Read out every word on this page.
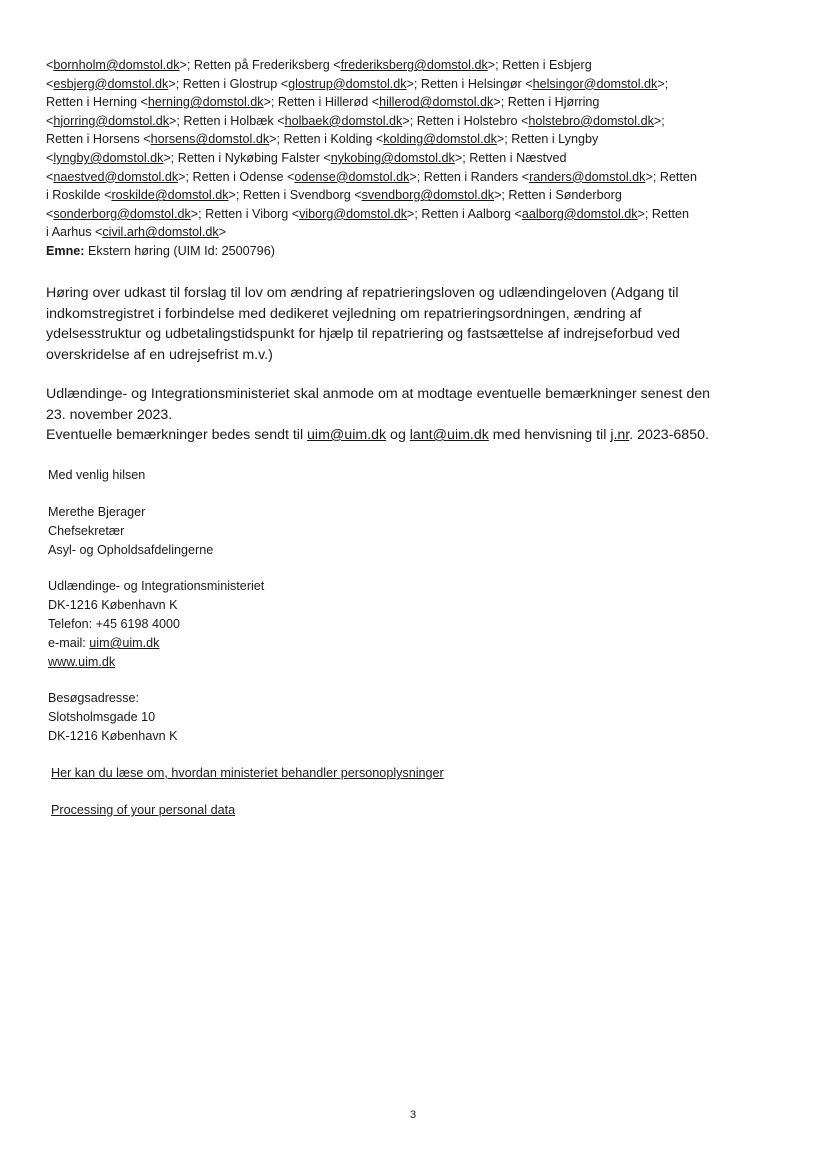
<bornholm@domstol.dk>; Retten på Frederiksberg <frederiksberg@domstol.dk>; Retten i Esbjerg

<esbjerg@domstol.dk>; Retten i Glostrup <glostrup@domstol.dk>; Retten i Helsingør <helsingor@domstol.dk>;

Retten i Herning <herning@domstol.dk>; Retten i Hillerød <hillerod@domstol.dk>; Retten i Hjørring

<hjorring@domstol.dk>; Retten i Holbæk <holbaek@domstol.dk>; Retten i Holstebro <holstebro@domstol.dk>;

Retten i Horsens <horsens@domstol.dk>; Retten i Kolding <kolding@domstol.dk>; Retten i Lyngby

<lyngby@domstol.dk>; Retten i Nykøbing Falster <nykobing@domstol.dk>; Retten i Næstved

<naestved@domstol.dk>; Retten i Odense <odense@domstol.dk>; Retten i Randers <randers@domstol.dk>; Retten

i Roskilde <roskilde@domstol.dk>; Retten i Svendborg <svendborg@domstol.dk>; Retten i Sønderborg

<sonderborg@domstol.dk>; Retten i Viborg <viborg@domstol.dk>; Retten i Aalborg <aalborg@domstol.dk>; Retten

i Aarhus <civil.arh@domstol.dk>

Emne: Ekstern høring (UIM Id: 2500796)

Høring over udkast til forslag til lov om ændring af repatrieringsloven og udlændingeloven (Adgang til

indkomstregistret i forbindelse med dedikeret vejledning om repatrieringsordningen, ændring af

ydelsesstruktur og udbetalingstidspunkt for hjælp til repatriering og fastsættelse af indrejseforbud ved

overskridelse af en udrejsefrist m.v.)

Udlændinge- og Integrationsministeriet skal anmode om at modtage eventuelle bemærkninger senest den

23. november 2023.

Eventuelle bemærkninger bedes sendt til uim@uim.dk og lant@uim.dk med henvisning til j.nr. 2023-6850.

Med venlig hilsen

Merethe Bjerager

Chefsekretær

Asyl- og Opholdsafdelingerne

Udlændinge- og Integrationsministeriet

DK-1216 København K

Telefon: +45 6198 4000

e-mail: uim@uim.dk

www.uim.dk

Besøgsadresse:

Slotsholmsgade 10

DK-1216 København K

Her kan du læse om, hvordan ministeriet behandler personoplysninger

Processing of your personal data

3
